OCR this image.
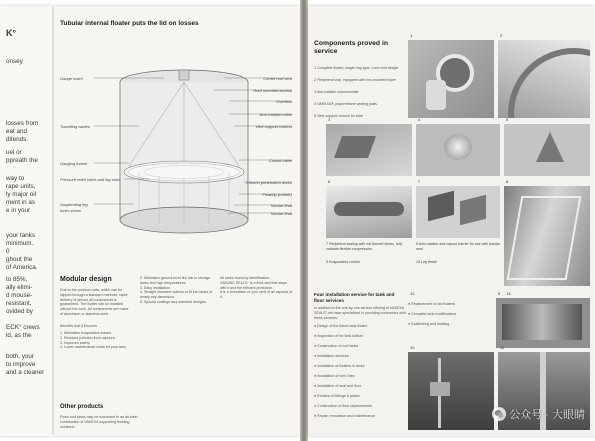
K°
onsey
losses from
eat and
ditends.
uel or
ppreath the
way to
rape units,
ly major oil
ment in as
e in your
your tanks
minimum.
0
ghout the
of America.
to 85%,
ally elimi-
d mouse-
resistant,
ovided by
ECK° crews
ld, as the
both, your
to improve
and a cleaner
Tubular internal floater puts the lid on losses
Modular design
Due to the pontoon units, which can be slipped through a standard manhole, rapid delivery of almost all components is guaranteed. The floater can be installed without hot work. All components are made of aluminium or stainless steel.
Benefits that it Ensures
1. Minimises evaporation losses.
2. Reduces pollution from vapours.
3. Improves safety.
4. Lower maintenance costs for your tank.
2. Minimises ground-level fire risk in storage tanks and high temperatures.
3. Easy installation.
4. Straight standard options to fit into tanks of nearly any dimension.
5. Special coatings and standard designs.
All tanks found by identification.
VAKUBO SEALS° Is a floor and that stays with it and the efficient protection.
It is a foundation of your tank of all aspects of it.
Other products
Fixed roof tanks may be converted to an all-steel construction of VAKEXA supporting building solutions.
Gauge hatch
Travelling cables
Gauging funnel
Pressure relief valve and leg stool
Suspending leg
Inner shoes
Centre roof vent
Roof mounted access
Overflow
Anti-rotation cable
Vent support column
Closed cable
Column penetration doors
Floating (rubber)
Tubular float
Tubular float
Components proved in service
7 Peripheral sealing with roll-formed shoes, fully variable flexible compression
8 Anti-rotation and vapour barrier for use with tubular seal
9 Evaporation control	10 Leg detail
Four installation service for tank and floor services
In addition to the one-by-one service offering of VAKEXA SEALS° we have specialized in providing contractors with these services:
公众号 · 大眼睛
1 Complete floater, single-ring type, cone-roof design
2 Peripheral seal, equipped with rim-mounted wiper
3 Anti-rotation column/cable
4 VAKEXA® polyurethane sealing pads
5 Vent support column for tube
● Design of the future tank floater
● Inspection of the tank bottom
● Construction of roof tanks
● Installation services
● Installation of floaters in tanks
● Installation of vent lines
● Installation of seal and floor
● Erection of fittings & plates
● Construction of floor replacements
● Repair, renovation and maintenance
● Replacement of old floaters
● Complete tank modifications
● Scaffolding and hoisting
1	2
3	4	5
6	7	8
9
10	11
12	13
